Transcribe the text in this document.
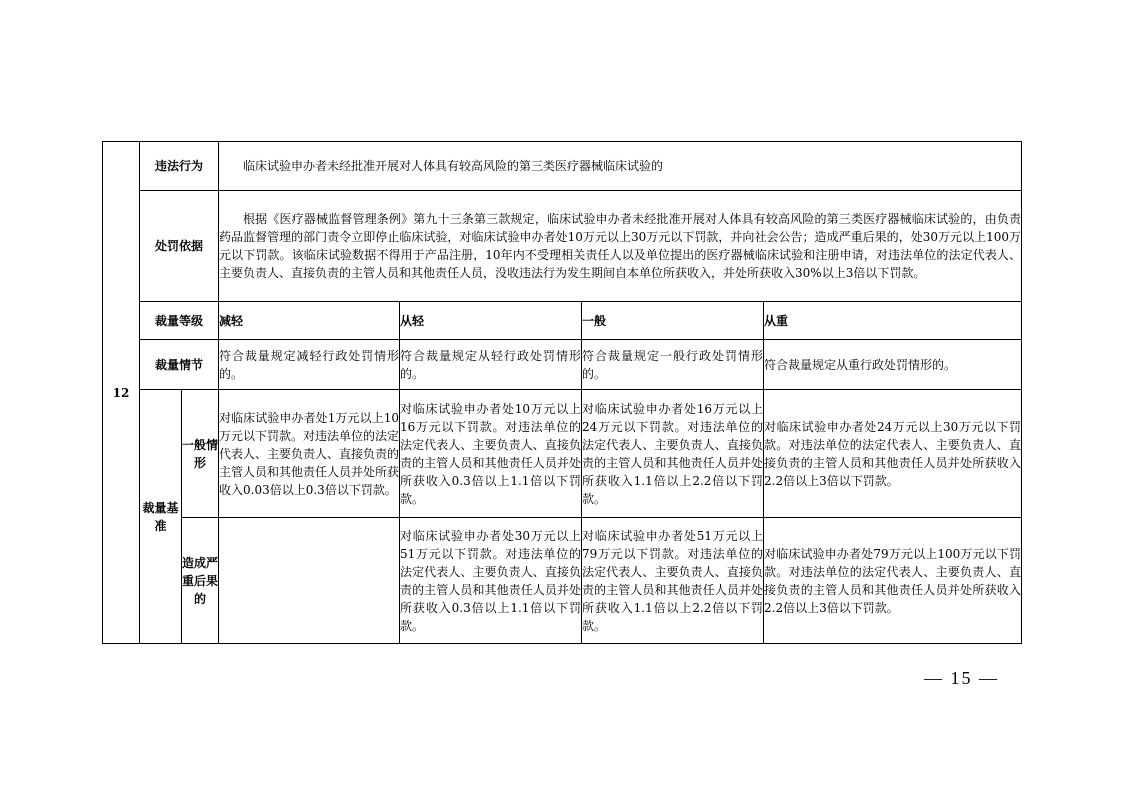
12	违法行为		临床试验申办者未经批准开展对人体具有较高风险的第三类医疗器械临床试验的			
	处罚依据		根据《医疗器械监督管理条例》第九十三条第三款规定，临床试验申办者未经批准开展对人体具有较高风险的第三类医疗器械临床试验的，由负责药品监督管理的部门责令立即停止临床试验，对临床试验申办者处10万元以上30万元以下罚款，并向社会公告；造成严重后果的，处30万元以上100万元以下罚款。该临床试验数据不得用于产品注册，10年内不受理相关责任人以及单位提出的医疗器械临床试验和注册申请，对违法单位的法定代表人、主要负责人、直接负责的主管人员和其他责任人员，没收违法行为发生期间自本单位所获收入，并处所获收入30%以上3倍以下罚款。			
	裁量等级		减轻	从轻	一般	从重
	裁量情节		符合裁量规定减轻行政处罚情形的。	符合裁量规定从轻行政处罚情形的。	符合裁量规定一般行政处罚情形的。	符合裁量规定从重行政处罚情形的。
	裁量基准	一般情形	对临床试验申办者处1万元以上10万元以下罚款。对违法单位的法定代表人、主要负责人、直接负责的主管人员和其他责任人员并处所获收入0.03倍以上0.3倍以下罚款。	对临床试验申办者处10万元以上16万元以下罚款。对违法单位的法定代表人、主要负责人、直接负责的主管人员和其他责任人员并处所获收入0.3倍以上1.1倍以下罚款。	对临床试验申办者处16万元以上24万元以下罚款。对违法单位的法定代表人、主要负责人、直接负责的主管人员和其他责任人员并处所获收入1.1倍以上2.2倍以下罚款。	对临床试验申办者处24万元以上30万元以下罚款。对违法单位的法定代表人、主要负责人、直接负责的主管人员和其他责任人员并处所获收入2.2倍以上3倍以下罚款。
		造成严重后果的		对临床试验申办者处30万元以上51万元以下罚款。对违法单位的法定代表人、主要负责人、直接负责的主管人员和其他责任人员并处所获收入0.3倍以上1.1倍以下罚款。	对临床试验申办者处51万元以上79万元以下罚款。对违法单位的法定代表人、主要负责人、直接负责的主管人员和其他责任人员并处所获收入1.1倍以上2.2倍以下罚款。	对临床试验申办者处79万元以上100万元以下罚款。对违法单位的法定代表人、主要负责人、直接负责的主管人员和其他责任人员并处所获收入2.2倍以上3倍以下罚款。
— 15 —
